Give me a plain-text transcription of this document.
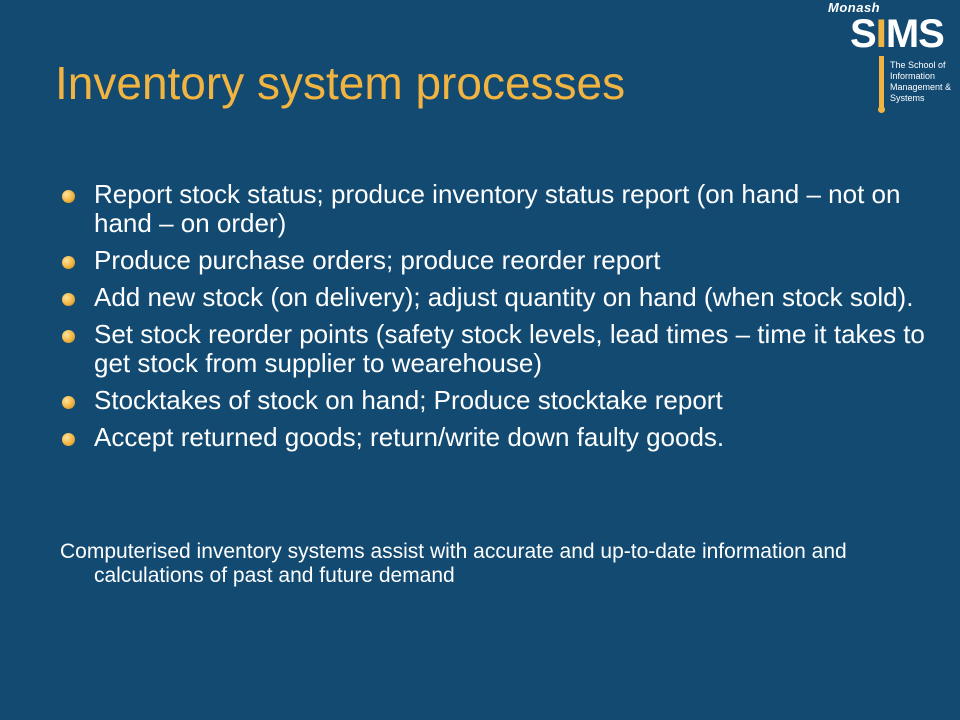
Monash
SIMS
The School of
Information
Management &
Systems
Inventory system processes
Report stock status; produce inventory status report (on hand – not on hand – on order)
Produce purchase orders; produce reorder report
Add new stock (on delivery); adjust quantity on hand (when stock sold).
Set stock reorder points (safety stock levels, lead times – time it takes to get stock from supplier to wearehouse)
Stocktakes of stock on hand; Produce stocktake report
Accept returned goods; return/write down faulty goods.
Computerised inventory systems assist with accurate and up-to-date information and calculations of past and future demand
